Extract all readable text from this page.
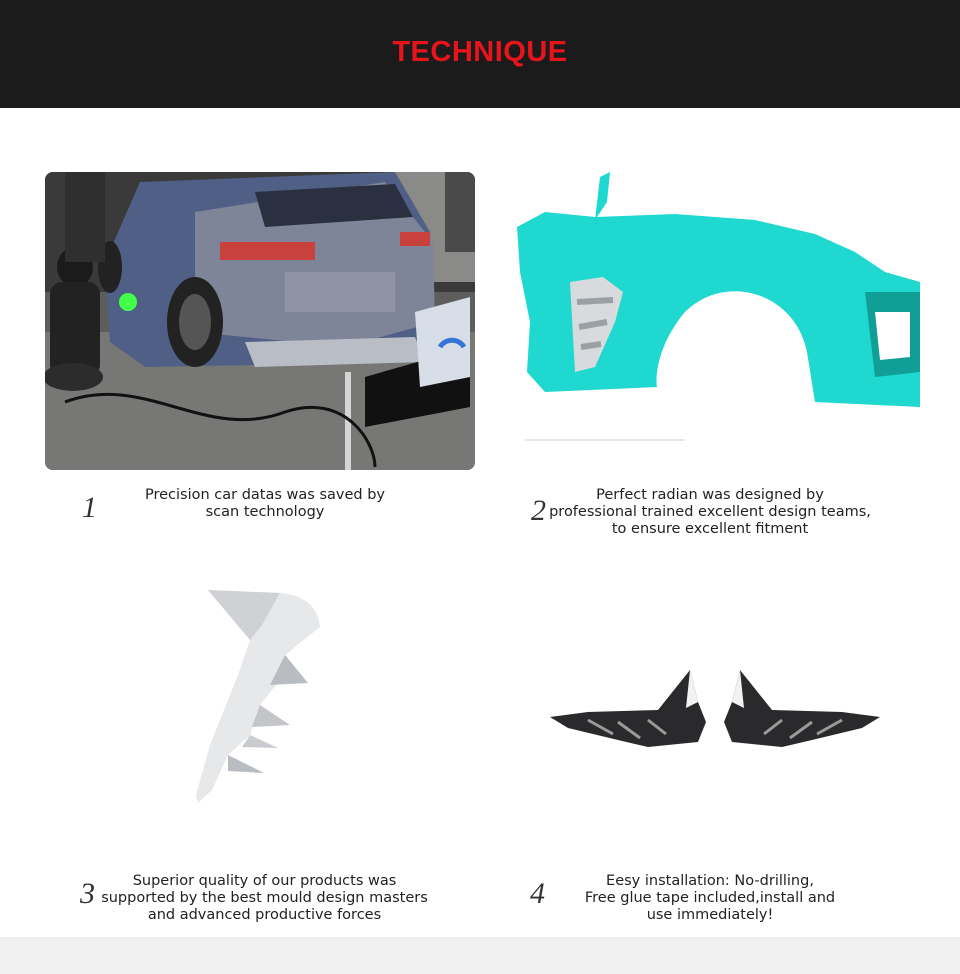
TECHNIQUE
1	Precision car datas was saved by
scan technology	2	Perfect radian was designed by
professional trained excellent design teams,
to ensure excellent fitment
3	Superior quality of our products was
supported by the best mould design masters
and advanced productive forces
4	Eesy installation: No-drilling,
Free glue tape included,install and
use immediately!
